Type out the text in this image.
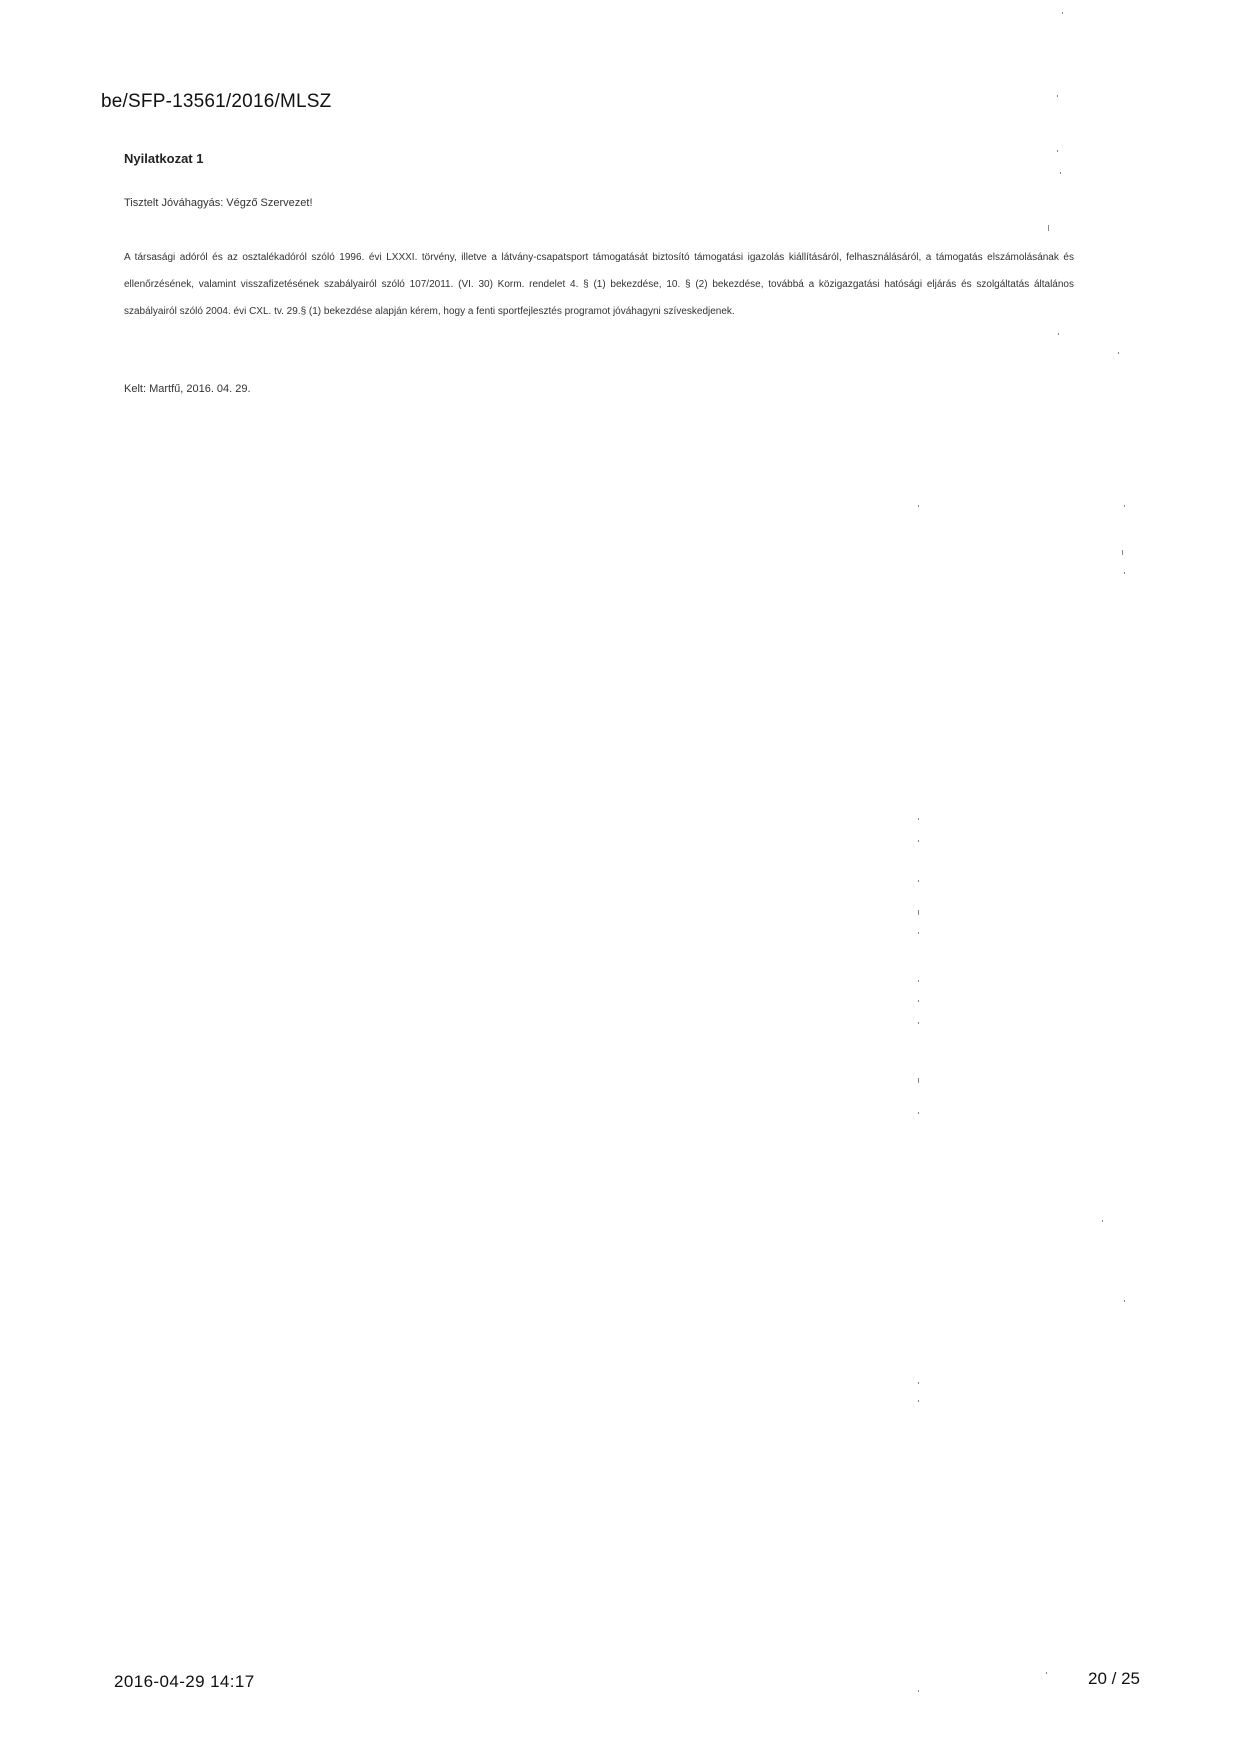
be/SFP-13561/2016/MLSZ
Nyilatkozat 1
Tisztelt Jóváhagyás: Végző Szervezet!
A társasági adóról és az osztalékadóról szóló 1996. évi LXXXI. törvény, illetve a látvány-csapatsport támogatását biztosító támogatási igazolás kiállításáról, felhasználásáról, a támogatás elszámolásának és ellenőrzésének, valamint visszafizetésének szabályairól szóló 107/2011. (VI. 30) Korm. rendelet 4. § (1) bekezdése, 10. § (2) bekezdése, továbbá a közigazgatási hatósági eljárás és szolgáltatás általános szabályairól szóló 2004. évi CXL. tv. 29.§ (1) bekezdése alapján kérem, hogy a fenti sportfejlesztés programot jóváhagyni szíveskedjenek.
Kelt: Martfű, 2016. 04. 29.
2016-04-29 14:17	20 / 25
